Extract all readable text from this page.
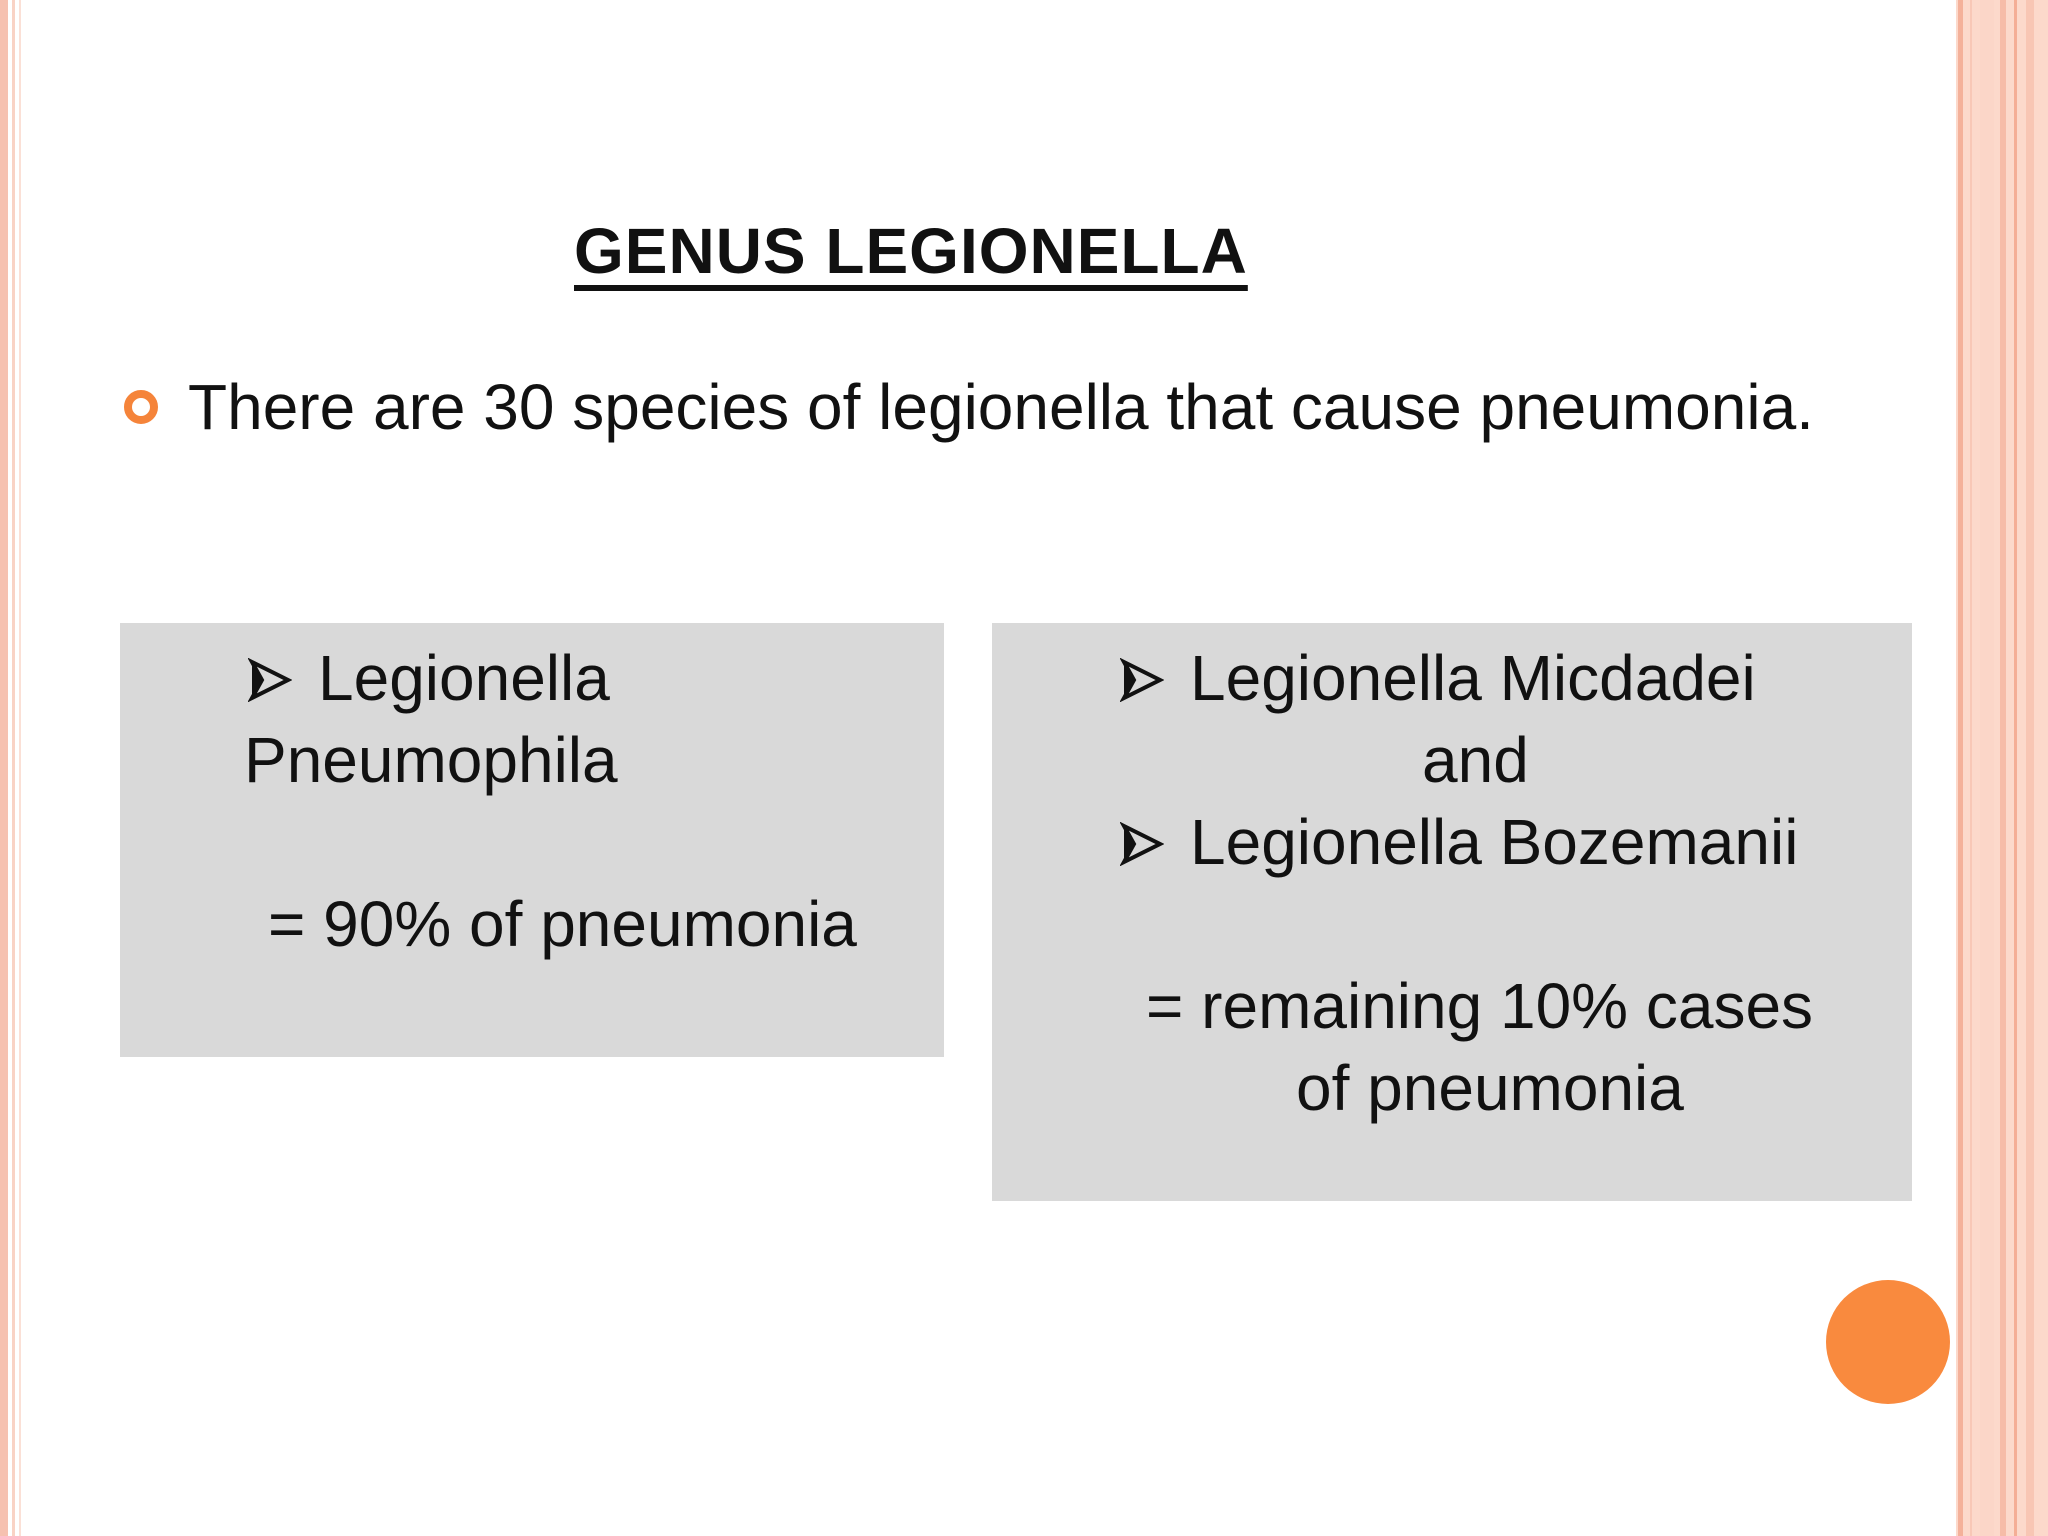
GENUS LEGIONELLA
There are 30 species of legionella that cause pneumonia.
Legionella
Pneumophila
= 90% of pneumonia
Legionella Micdadei
and
Legionella Bozemanii
= remaining 10% cases
of pneumonia
